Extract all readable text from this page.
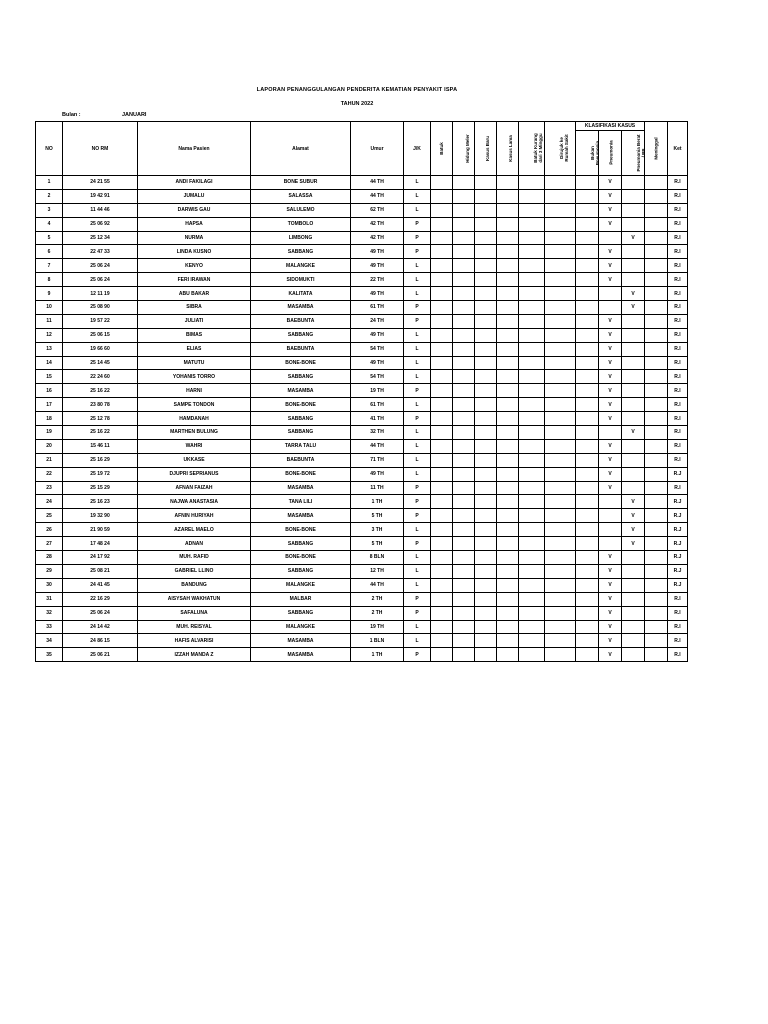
LAPORAN PENANGGULANGAN PENDERITA KEMATIAN PENYAKIT ISPA
TAHUN 2022
Bulan :	JANUARI
NO	NO RM	Nama Pasien	Alamat	Umur	J/K	Batuk	Hidung Meler	Kasus Baru	Kasus Lama	Batuk Kurang dari 3 Minggu	Dirujuk ke Rumah Sakit	KLASIFIKASI KASUS			Meninggal	Ket
												Bukan Pneumonia	Pneumonia	Pneumonia Berat / RP		
1	24 21 55	ANDI FAKILAGI	BONE SUBUR	44 TH	L								V			R.I
2	19 42 91	JUMALU	SALASSA	44 TH	L								V			R.I
3	11 44 46	DARWIS GAU	SALULEMO	62 TH	L								V			R.I
4	25 06 92	HAPSA	TOMBOLO	42 TH	P								V			R.I
5	25 12 34	NURMA	LIMBONG	42 TH	P									V		R.I
6	22 47 33	LINDA KUSNO	SABBANG	49 TH	P								V			R.I
7	25 06 24	KENYO	MALANGKE	49 TH	L								V			R.I
8	25 06 24	FERI IRAWAN	SIDOMUKTI	22 TH	L								V			R.I
9	12 11 19	ABU BAKAR	KALITATA	49 TH	L									V		R.I
10	25 08 90	SIBRA	MASAMBA	61 TH	P									V		R.I
11	19 57 22	JULIATI	BAEBUNTA	24 TH	P								V			R.I
12	25 06 15	BIMAS	SABBANG	49 TH	L								V			R.I
13	19 66 60	ELIAS	BAEBUNTA	54 TH	L								V			R.I
14	25 14 45	MATUTU	BONE-BONE	49 TH	L								V			R.I
15	22 24 60	YOHANIS TORRO	SABBANG	54 TH	L								V			R.I
16	25 16 22	HARNI	MASAMBA	19 TH	P								V			R.I
17	23 80 78	SAMPE TONDON	BONE-BONE	61 TH	L								V			R.I
18	25 12 78	HAMDANAH	SABBANG	41 TH	P								V			R.I
19	25 16 22	MARTHEN BULUNG	SABBANG	32 TH	L									V		R.I
20	15 46 11	WAHRI	TARRA TALU	44 TH	L								V			R.I
21	25 16 29	UKKASE	BAEBUNTA	71 TH	L								V			R.I
22	25 19 72	DJUPRI SEPRIANUS	BONE-BONE	49 TH	L								V			R.J
23	25 15 29	AFNAN FAIZAH	MASAMBA	11 TH	P								V			R.I
24	25 16 23	NAJWA ANASTASIA	TANA LILI	1 TH	P									V		R.J
25	19 32 90	AFNIN HURIYAH	MASAMBA	5 TH	P									V		R.J
26	21 90 59	AZAREL MAELO	BONE-BONE	3 TH	L									V		R.J
27	17 48 24	ADNAN	SABBANG	5 TH	P									V		R.J
28	24 17 92	MUH. RAFID	BONE-BONE	8 BLN	L								V			R.J
29	25 08 21	GABRIEL LLINO	SABBANG	12 TH	L								V			R.J
30	24 41 45	BANDUNG	MALANGKE	44 TH	L								V			R.J
31	22 16 29	AISYSAH WAKHATUN	MALBAR	2 TH	P								V			R.I
32	25 06 24	SAFALUNA	SABBANG	2 TH	P								V			R.I
33	24 14 42	MUH. REISYAL	MALANGKE	19 TH	L								V			R.I
34	24 86 15	HAFIS ALVARISI	MASAMBA	1 BLN	L								V			R.I
35	25 06 21	IZZAH MANDA Z	MASAMBA	1 TH	P								V			R.I
